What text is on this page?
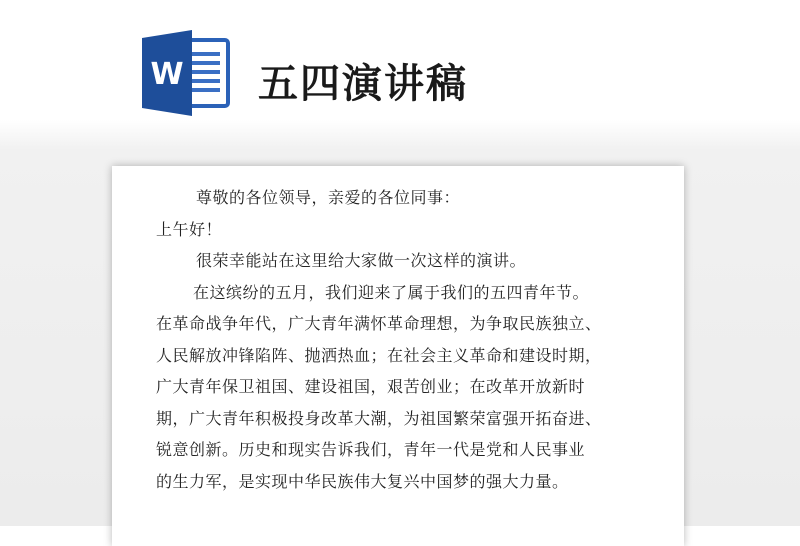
W 五四演讲稿

尊敬的各位领导，亲爱的各位同事：

上午好！

很荣幸能站在这里给大家做一次这样的演讲。

在这缤纷的五月，我们迎来了属于我们的五四青年节。

在革命战争年代，广大青年满怀革命理想，为争取民族独立、

人民解放冲锋陷阵、抛洒热血；在社会主义革命和建设时期，

广大青年保卫祖国、建设祖国，艰苦创业；在改革开放新时

期，广大青年积极投身改革大潮，为祖国繁荣富强开拓奋进、

锐意创新。历史和现实告诉我们，青年一代是党和人民事业

的生力军，是实现中华民族伟大复兴中国梦的强大力量。
